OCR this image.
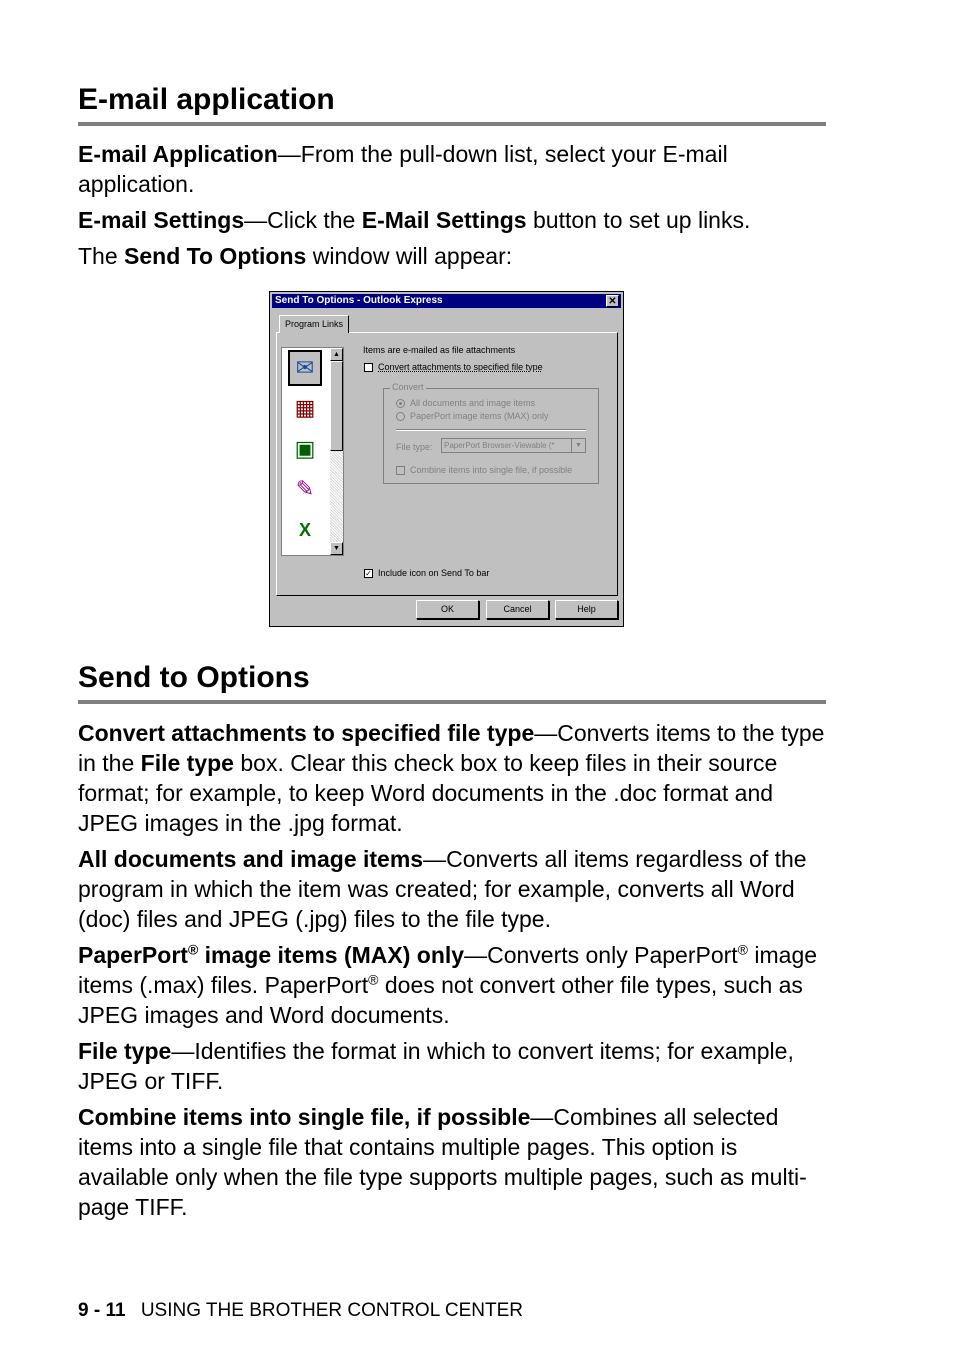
E-mail application

E-mail Application—From the pull-down list, select your E-mail application.

E-mail Settings—Click the E-Mail Settings button to set up links.

The Send To Options window will appear:

Send to Options

Convert attachments to specified file type—Converts items to the type in the File type box. Clear this check box to keep files in their source format; for example, to keep Word documents in the .doc format and JPEG images in the .jpg format.

All documents and image items—Converts all items regardless of the program in which the item was created; for example, converts all Word (doc) files and JPEG (.jpg) files to the file type.

PaperPort® image items (MAX) only—Converts only PaperPort® image items (.max) files. PaperPort® does not convert other file types, such as JPEG images and Word documents.

File type—Identifies the format in which to convert items; for example, JPEG or TIFF.

Combine items into single file, if possible—Combines all selected items into a single file that contains multiple pages. This option is available only when the file type supports multiple pages, such as multi-page TIFF.

Send To Options - Outlook Express	✕
Program Links
✉
▦
▣
✎
X
▲
▼
Items are e-mailed as file attachments
Convert attachments to specified file type
Convert
All documents and image items
PaperPort image items (MAX) only
File type:
Combine items into single file, if possible
PaperPort Browser-Viewable (*	▼
✓ Include icon on Send To bar
OK	Cancel	Help
9 - 11 USING THE BROTHER CONTROL CENTER
